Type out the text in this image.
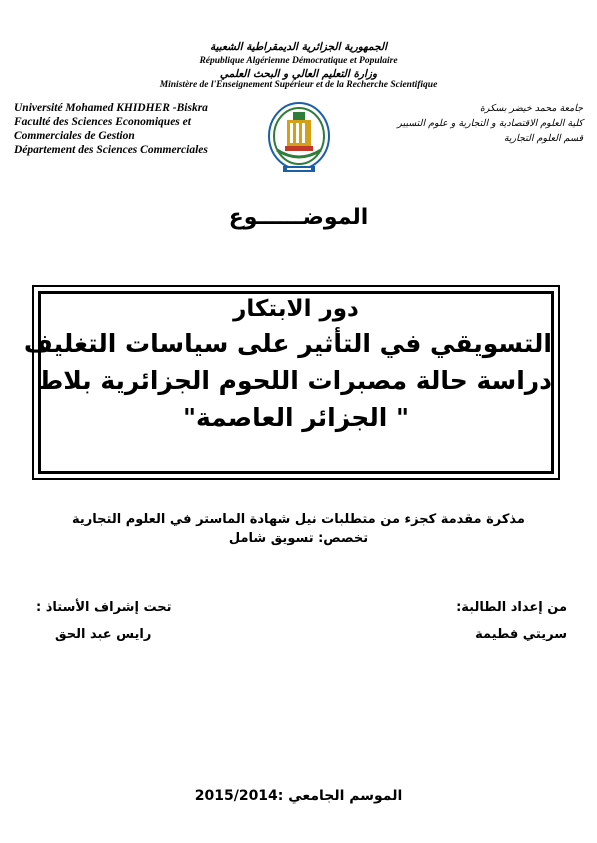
الجمهورية الجزائرية الديمقراطية الشعبية
République Algérienne Démocratique et Populaire
وزارة التعليم العالي و البحث العلمي
Ministère de l'Enseignement Supérieur et de la Recherche Scientifique
Université Mohamed KHIDHER -Biskra
Faculté des Sciences Economiques et
Commerciales de Gestion
Département des Sciences Commerciales
جامعة محمد خيضر بسكرة
كلية العلوم الاقتصادية و التجارية و علوم التسيير
قسم العلوم التجارية
الموضــــــوع
دور الابتكار
التسويقي في التأثير على سياسات التغليف
دراسة حالة مصبرات اللحوم الجزائرية بلاط
" الجزائر العاصمة"
مذكرة مقدمة كجزء من متطلبات نيل شهادة الماستر في العلوم التجارية
تخصص: تسويق شامل
من إعداد الطالبة:
سريتي فطيمة
تحت إشراف الأستاذ :
رايس عبد الحق
الموسم الجامعي :2015/2014
